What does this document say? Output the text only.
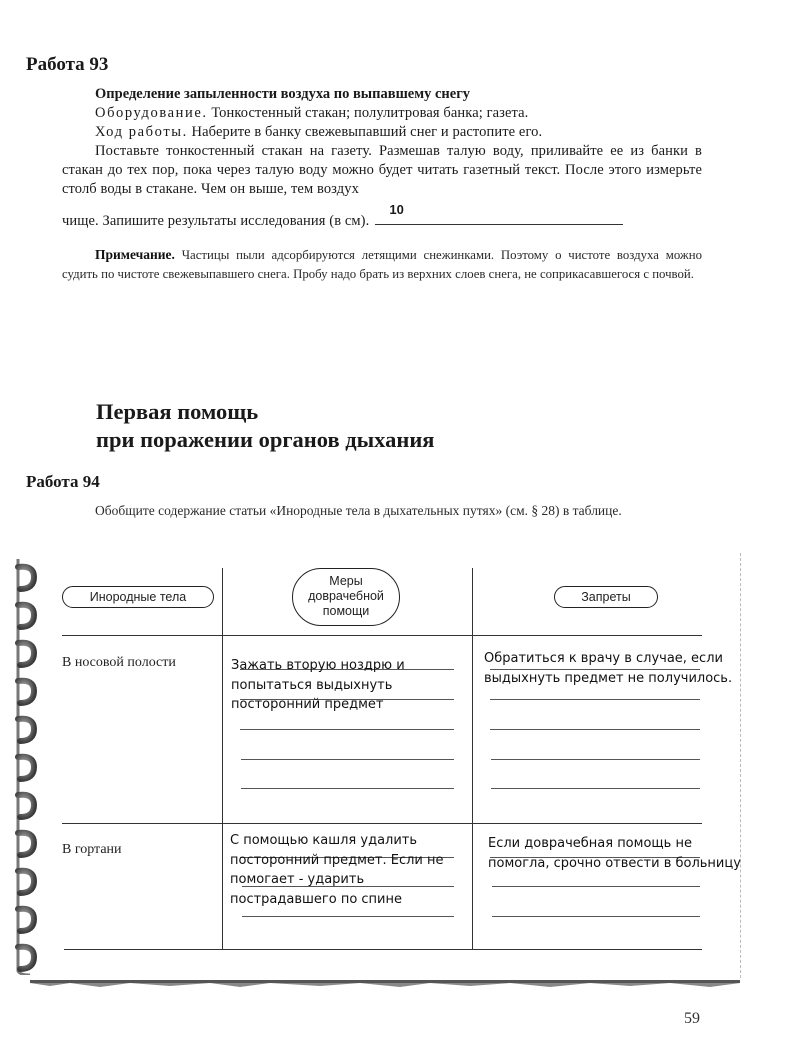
Работа 93
Определение запыленности воздуха по выпавшему снегу
Оборудование. Тонкостенный стакан; полулитровая банка; газета.
Ход работы. Наберите в банку свежевыпавший снег и растопите его.
Поставьте тонкостенный стакан на газету. Размешав талую воду, приливайте ее из банки в стакан до тех пор, пока через талую воду можно будет читать газетный текст. После этого измерьте столб воды в стакане. Чем он выше, тем воздух
чище. Запишите результаты исследования (в см).
10
Примечание. Частицы пыли адсорбируются летящими снежинками. Поэтому о чистоте воздуха можно судить по чистоте свежевыпавшего снега. Пробу надо брать из верхних слоев снега, не соприкасавшегося с почвой.
Первая помощь
при поражении органов дыхания
Работа 94
Обобщите содержание статьи «Инородные тела в дыхательных путях» (см. § 28) в таблице.
Инородные тела
Меры
доврачебной
помощи
Запреты
В носовой полости	Зажать вторую ноздрю и
попытаться выдыхнуть
посторонний предмет
Обратиться к врачу в случае, если
выдыхнуть предмет не получилось.
В гортани
С помощью кашля удалить
посторонний предмет. Если не
помогает - ударить
пострадавшего по спине
Если доврачебная помощь не
помогла, срочно отвести в больницу
59
